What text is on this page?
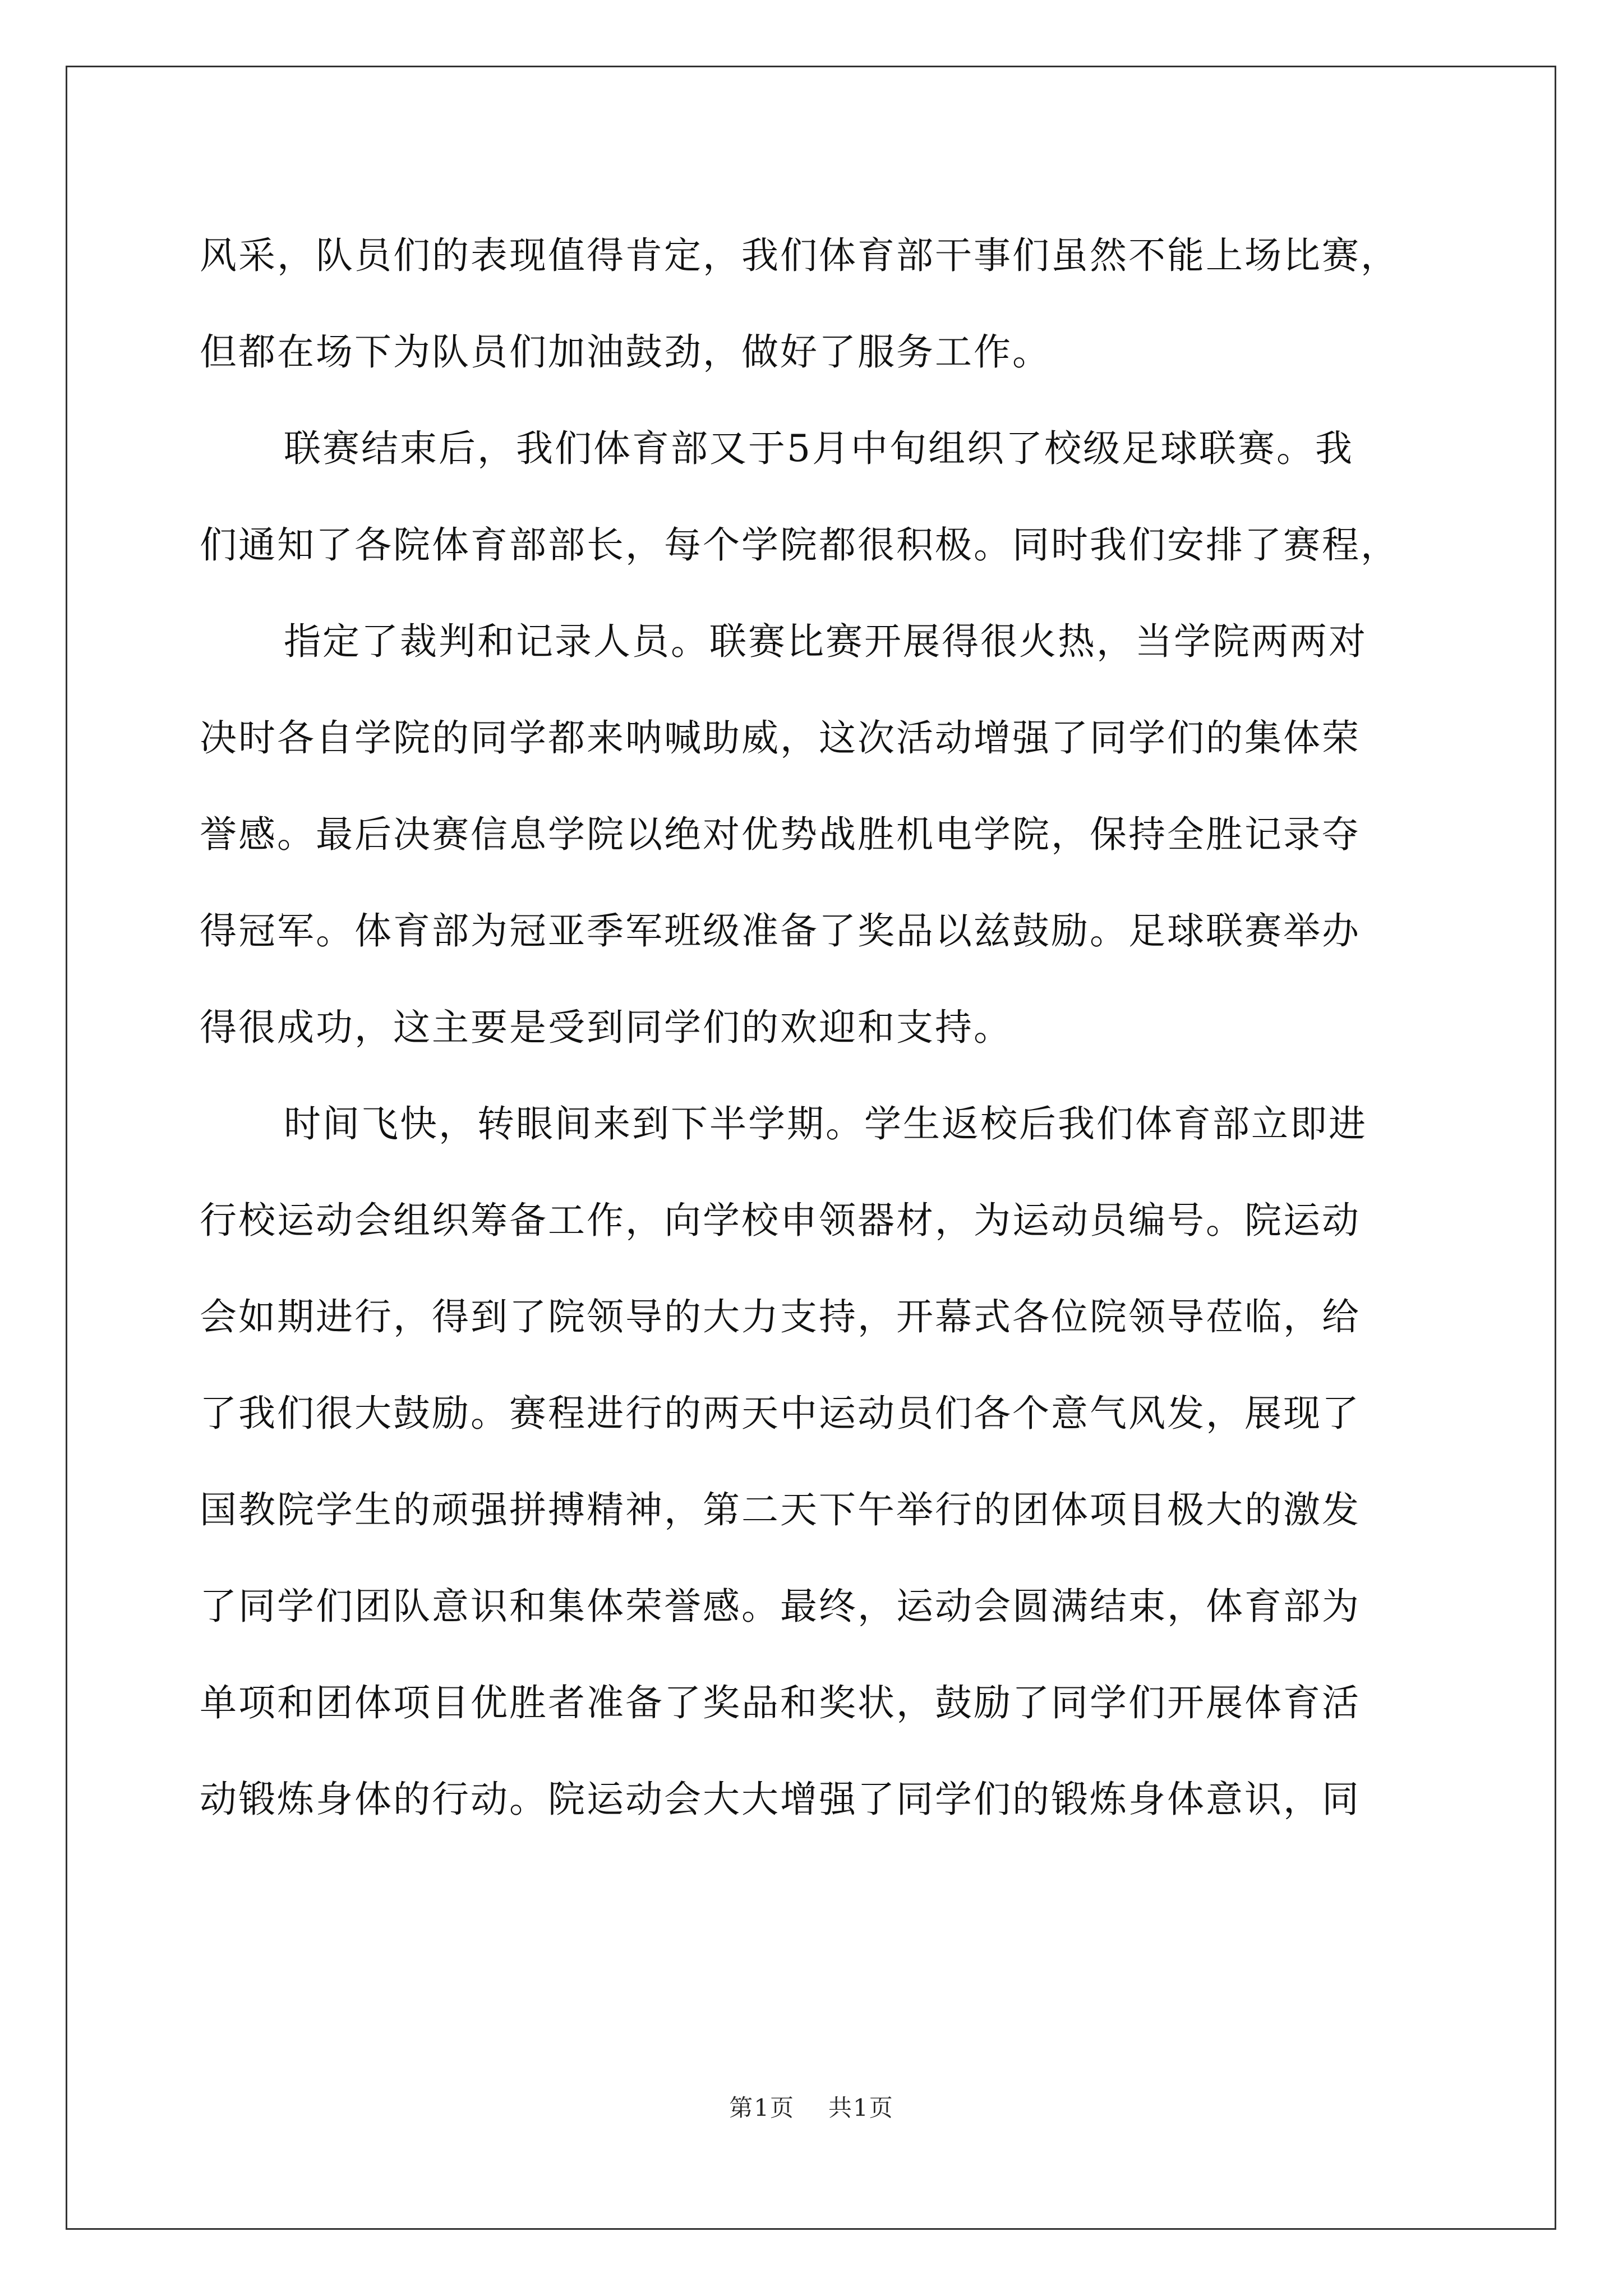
风采，队员们的表现值得肯定，我们体育部干事们虽然不能上场比赛，
但都在场下为队员们加油鼓劲，做好了服务工作。
联赛结束后，我们体育部又于5月中旬组织了校级足球联赛。我
们通知了各院体育部部长，每个学院都很积极。同时我们安排了赛程，
指定了裁判和记录人员。联赛比赛开展得很火热，当学院两两对
决时各自学院的同学都来呐喊助威，这次活动增强了同学们的集体荣
誉感。最后决赛信息学院以绝对优势战胜机电学院，保持全胜记录夺
得冠军。体育部为冠亚季军班级准备了奖品以兹鼓励。足球联赛举办
得很成功，这主要是受到同学们的欢迎和支持。
时间飞快，转眼间来到下半学期。学生返校后我们体育部立即进
行校运动会组织筹备工作，向学校申领器材，为运动员编号。院运动
会如期进行，得到了院领导的大力支持，开幕式各位院领导莅临，给
了我们很大鼓励。赛程进行的两天中运动员们各个意气风发，展现了
国教院学生的顽强拼搏精神，第二天下午举行的团体项目极大的激发
了同学们团队意识和集体荣誉感。最终，运动会圆满结束，体育部为
单项和团体项目优胜者准备了奖品和奖状，鼓励了同学们开展体育活
动锻炼身体的行动。院运动会大大增强了同学们的锻炼身体意识，同
第1页 共1页
